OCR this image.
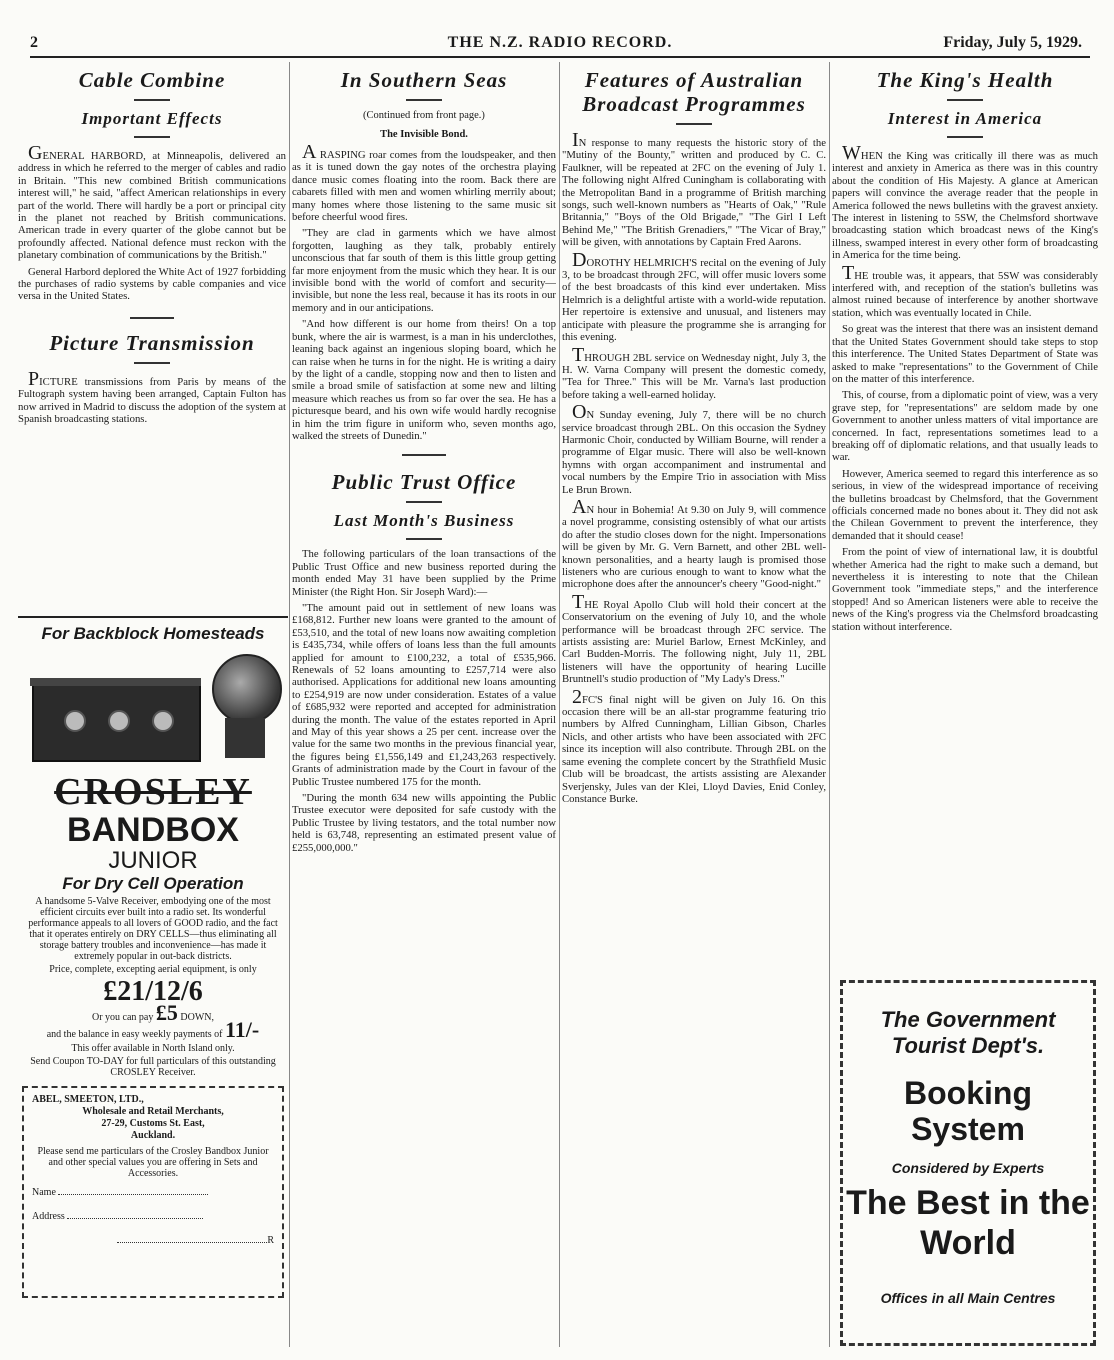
2	THE N.Z. RADIO RECORD.	Friday, July 5, 1929.
Cable Combine
Important Effects

GENERAL HARBORD, at Minneapolis, delivered an address in which he referred to the merger of cables and radio in Britain. "This new combined British communications interest will," he said, "affect American relationships in every part of the world. There will hardly be a port or principal city in the planet not reached by British communications. American trade in every quarter of the globe cannot but be profoundly affected. National defence must reckon with the planetary combination of communications by the British."

General Harbord deplored the White Act of 1927 forbidding the purchases of radio systems by cable companies and vice versa in the United States.

Picture Transmission

PICTURE transmissions from Paris by means of the Fultograph system having been arranged, Captain Fulton has now arrived in Madrid to discuss the adoption of the system at Spanish broadcasting stations.

For Backblock Homesteads
CROSLEY
BANDBOX
JUNIOR
For Dry Cell Operation
A handsome 5-Valve Receiver, embodying one of the most efficient circuits ever built into a radio set. Its wonderful performance appeals to all lovers of GOOD radio, and the fact that it operates entirely on DRY CELLS—thus eliminating all storage battery troubles and inconvenience—has made it extremely popular in out-back districts.
Price, complete, excepting aerial equipment, is only
£21/12/6
Or you can pay £5 DOWN,
and the balance in easy weekly payments of 11/-
This offer available in North Island only.
Send Coupon TO-DAY for full particulars of this outstanding CROSLEY Receiver.
ABEL, SMEETON, LTD.,
Wholesale and Retail Merchants,
27-29, Customs St. East,
Auckland.
Please send me particulars of the Crosley Bandbox Junior and other special values you are offering in Sets and Accessories.
Name
Address
R
In Southern Seas
(Continued from front page.)
The Invisible Bond.

A RASPING roar comes from the loudspeaker, and then as it is tuned down the gay notes of the orchestra playing dance music comes floating into the room. Back there are cabarets filled with men and women whirling merrily about; many homes where those listening to the same music sit before cheerful wood fires.

"They are clad in garments which we have almost forgotten, laughing as they talk, probably entirely unconscious that far south of them is this little group getting far more enjoyment from the music which they hear. It is our invisible bond with the world of comfort and security—invisible, but none the less real, because it has its roots in our memory and in our anticipations.

"And how different is our home from theirs! On a top bunk, where the air is warmest, is a man in his underclothes, leaning back against an ingenious sloping board, which he can raise when he turns in for the night. He is writing a dairy by the light of a candle, stopping now and then to listen and smile a broad smile of satisfaction at some new and lilting measure which reaches us from so far over the sea. He has a picturesque beard, and his own wife would hardly recognise in him the trim figure in uniform who, seven months ago, walked the streets of Dunedin."

Public Trust Office
Last Month's Business

The following particulars of the loan transactions of the Public Trust Office and new business reported during the month ended May 31 have been supplied by the Prime Minister (the Right Hon. Sir Joseph Ward):—

"The amount paid out in settlement of new loans was £168,812. Further new loans were granted to the amount of £53,510, and the total of new loans now awaiting completion is £435,734, while offers of loans less than the full amounts applied for amount to £100,232, a total of £535,966. Renewals of 52 loans amounting to £257,714 were also authorised. Applications for additional new loans amounting to £254,919 are now under consideration. Estates of a value of £685,932 were reported and accepted for administration during the month. The value of the estates reported in April and May of this year shows a 25 per cent. increase over the value for the same two months in the previous financial year, the figures being £1,556,149 and £1,243,263 respectively. Grants of administration made by the Court in favour of the Public Trustee numbered 175 for the month.

"During the month 634 new wills appointing the Public Trustee executor were deposited for safe custody with the Public Trustee by living testators, and the total number now held is 63,748, representing an estimated present value of £255,000,000."

Features of Australian Broadcast Programmes

IN response to many requests the historic story of the "Mutiny of the Bounty," written and produced by C. C. Faulkner, will be repeated at 2FC on the evening of July 1. The following night Alfred Cuningham is collaborating with the Metropolitan Band in a programme of British marching songs, such well-known numbers as "Hearts of Oak," "Rule Britannia," "Boys of the Old Brigade," "The Girl I Left Behind Me," "The British Grenadiers," "The Vicar of Bray," will be given, with annotations by Captain Fred Aarons.

DOROTHY HELMRICH'S recital on the evening of July 3, to be broadcast through 2FC, will offer music lovers some of the best broadcasts of this kind ever undertaken. Miss Helmrich is a delightful artiste with a world-wide reputation. Her repertoire is extensive and unusual, and listeners may anticipate with pleasure the programme she is arranging for this evening.

THROUGH 2BL service on Wednesday night, July 3, the H. W. Varna Company will present the domestic comedy, "Tea for Three." This will be Mr. Varna's last production before taking a well-earned holiday.

ON Sunday evening, July 7, there will be no church service broadcast through 2BL. On this occasion the Sydney Harmonic Choir, conducted by William Bourne, will render a programme of Elgar music. There will also be well-known hymns with organ accompaniment and instrumental and vocal numbers by the Empire Trio in association with Miss Le Brun Brown.

AN hour in Bohemia! At 9.30 on July 9, will commence a novel programme, consisting ostensibly of what our artists do after the studio closes down for the night. Impersonations will be given by Mr. G. Vern Barnett, and other 2BL well-known personalities, and a hearty laugh is promised those listeners who are curious enough to want to know what the microphone does after the announcer's cheery "Good-night."

THE Royal Apollo Club will hold their concert at the Conservatorium on the evening of July 10, and the whole performance will be broadcast through 2FC service. The artists assisting are: Muriel Barlow, Ernest McKinley, and Carl Budden-Morris. The following night, July 11, 2BL listeners will have the opportunity of hearing Lucille Bruntnell's studio production of "My Lady's Dress."

2FC'S final night will be given on July 16. On this occasion there will be an all-star programme featuring trio numbers by Alfred Cunningham, Lillian Gibson, Charles Nicls, and other artists who have been associated with 2FC since its inception will also contribute. Through 2BL on the same evening the complete concert by the Strathfield Music Club will be broadcast, the artists assisting are Alexander Sverjensky, Jules van der Klei, Lloyd Davies, Enid Conley, Constance Burke.

The King's Health
Interest in America

WHEN the King was critically ill there was as much interest and anxiety in America as there was in this country about the condition of His Majesty. A glance at American papers will convince the average reader that the people in America followed the news bulletins with the gravest anxiety. The interest in listening to 5SW, the Chelmsford shortwave broadcasting station which broadcast news of the King's illness, swamped interest in every other form of broadcasting in America for the time being.

THE trouble was, it appears, that 5SW was considerably interfered with, and reception of the station's bulletins was almost ruined because of interference by another shortwave station, which was eventually located in Chile.

So great was the interest that there was an insistent demand that the United States Government should take steps to stop this interference. The United States Department of State was asked to make "representations" to the Government of Chile on the matter of this interference.

This, of course, from a diplomatic point of view, was a very grave step, for "representations" are seldom made by one Government to another unless matters of vital importance are concerned. In fact, representations sometimes lead to a breaking off of diplomatic relations, and that usually leads to war.

However, America seemed to regard this interference as so serious, in view of the widespread importance of receiving the bulletins broadcast by Chelmsford, that the Government officials concerned made no bones about it. They did not ask the Chilean Government to prevent the interference, they demanded that it should cease!

From the point of view of international law, it is doubtful whether America had the right to make such a demand, but nevertheless it is interesting to note that the Chilean Government took "immediate steps," and the interference stopped! And so American listeners were able to receive the news of the King's progress via the Chelmsford broadcasting station without interference.

The Government Tourist Dept's.
Booking System
Considered by Experts
The Best in the World
Offices in all Main Centres
